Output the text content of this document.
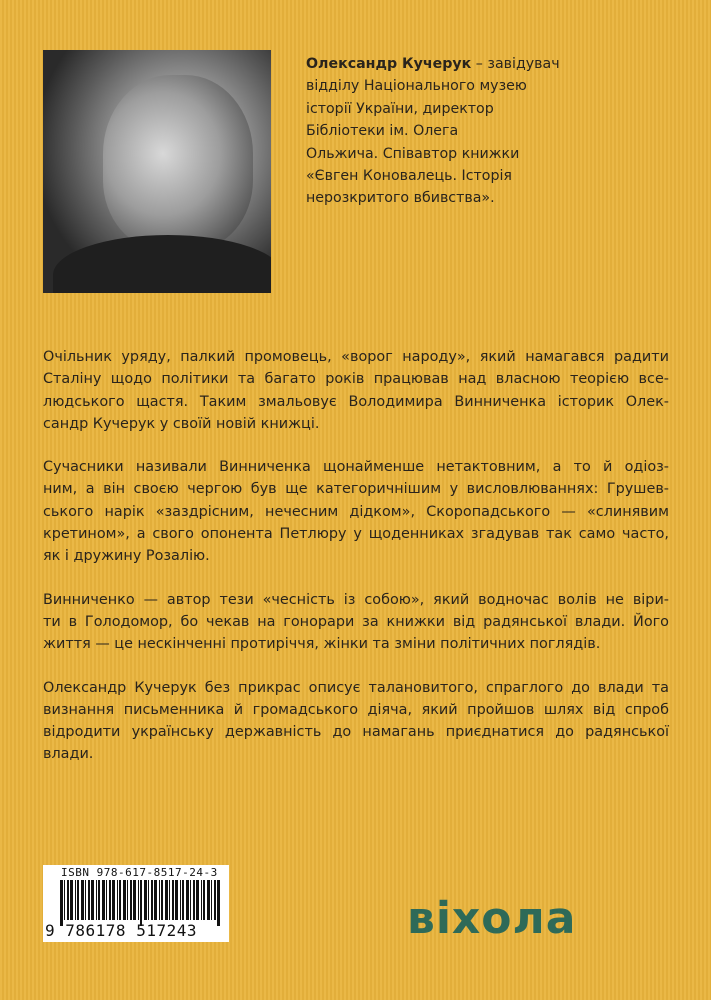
Олександр Кучерук – завідувач
відділу Національного музею
історії України, директор
Бібліотеки ім. Олега
Ольжича. Співавтор книжки
«Євген Коновалець. Історія
нерозкритого вбивства».

Очільник уряду, палкий промовець, «ворог народу», який намагався радити
Сталіну щодо політики та багато років працював над власною теорією все-
людського щастя. Таким змальовує Володимира Винниченка історик Олек-
сандр Кучерук у своїй новій книжці.

Сучасники називали Винниченка щонайменше нетактовним, а то й одіоз-
ним, а він своєю чергою був ще категоричнішим у висловлюваннях: Грушев-
ського нарік «заздрісним, нечесним дідком», Скоропадського — «слинявим
кретином», а свого опонента Петлюру у щоденниках згадував так само часто,
як і дружину Розалію.

Винниченко — автор тези «чесність із собою», який водночас волів не віри-
ти в Голодомор, бо чекав на гонорари за книжки від радянської влади. Його
життя — це нескінченні протиріччя, жінки та зміни політичних поглядів.

Олександр Кучерук без прикрас описує талановитого, спраглого до влади та
визнання письменника й громадського діяча, який пройшов шлях від спроб
відродити українську державність до намагань приєднатися до радянської
влади.

ISBN 978-617-8517-24-3
9 786178 517243	віхола
